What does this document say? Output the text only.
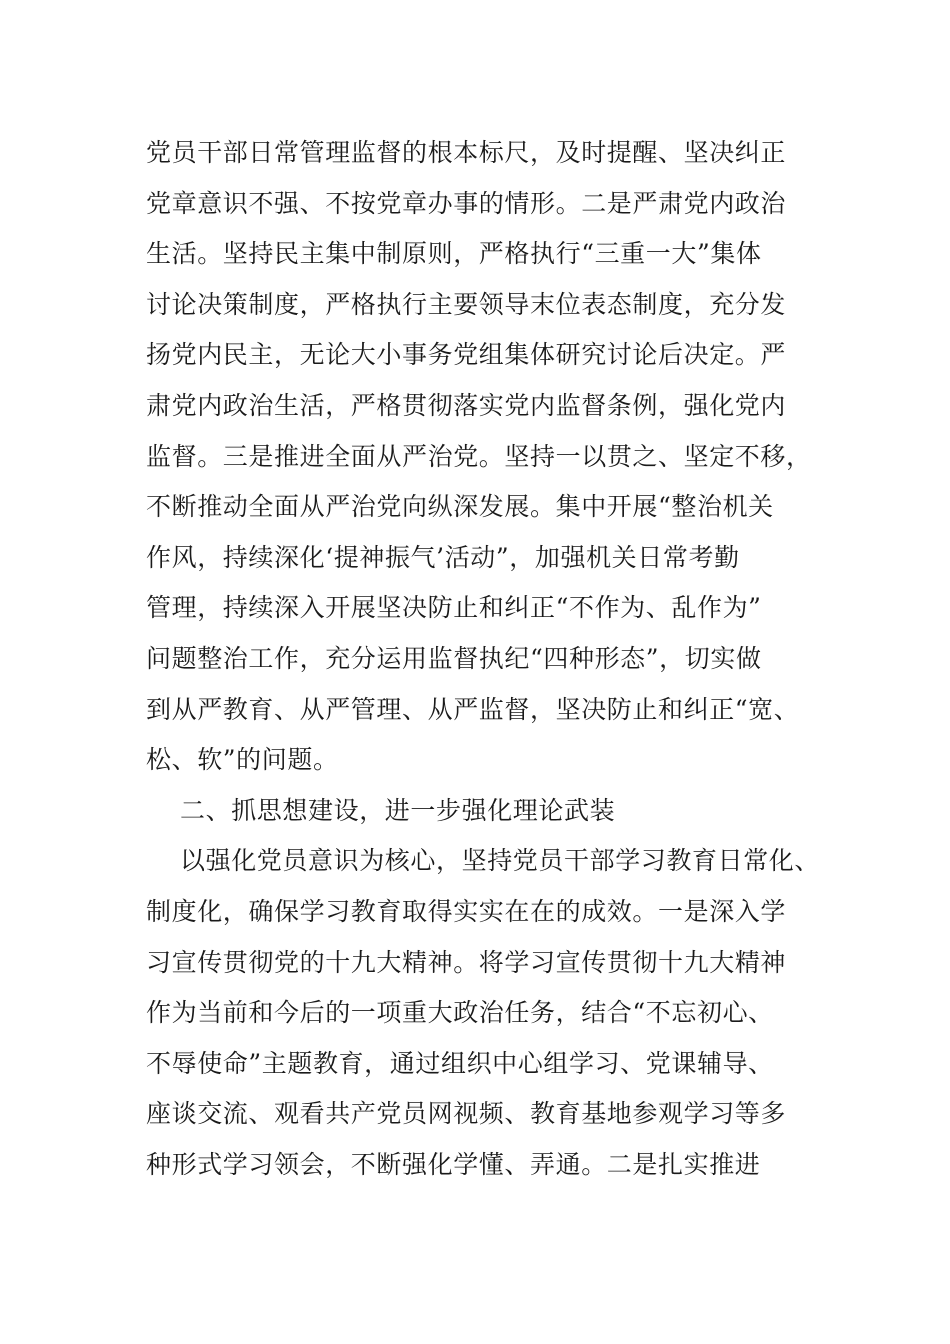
党员干部日常管理监督的根本标尺，及时提醒、坚决纠正
党章意识不强、不按党章办事的情形。二是严肃党内政治
生活。坚持民主集中制原则，严格执行“三重一大”集体
讨论决策制度，严格执行主要领导末位表态制度，充分发
扬党内民主，无论大小事务党组集体研究讨论后决定。严
肃党内政治生活，严格贯彻落实党内监督条例，强化党内
监督。三是推进全面从严治党。坚持一以贯之、坚定不移，
不断推动全面从严治党向纵深发展。集中开展“整治机关
作风，持续深化‘提神振气’活动”，加强机关日常考勤
管理，持续深入开展坚决防止和纠正“不作为、乱作为”
问题整治工作，充分运用监督执纪“四种形态”，切实做
到从严教育、从严管理、从严监督，坚决防止和纠正“宽、
松、软”的问题。
二、抓思想建设，进一步强化理论武装
以强化党员意识为核心，坚持党员干部学习教育日常化、
制度化，确保学习教育取得实实在在的成效。一是深入学
习宣传贯彻党的十九大精神。将学习宣传贯彻十九大精神
作为当前和今后的一项重大政治任务，结合“不忘初心、
不辱使命”主题教育，通过组织中心组学习、党课辅导、
座谈交流、观看共产党员网视频、教育基地参观学习等多
种形式学习领会，不断强化学懂、弄通。二是扎实推进
